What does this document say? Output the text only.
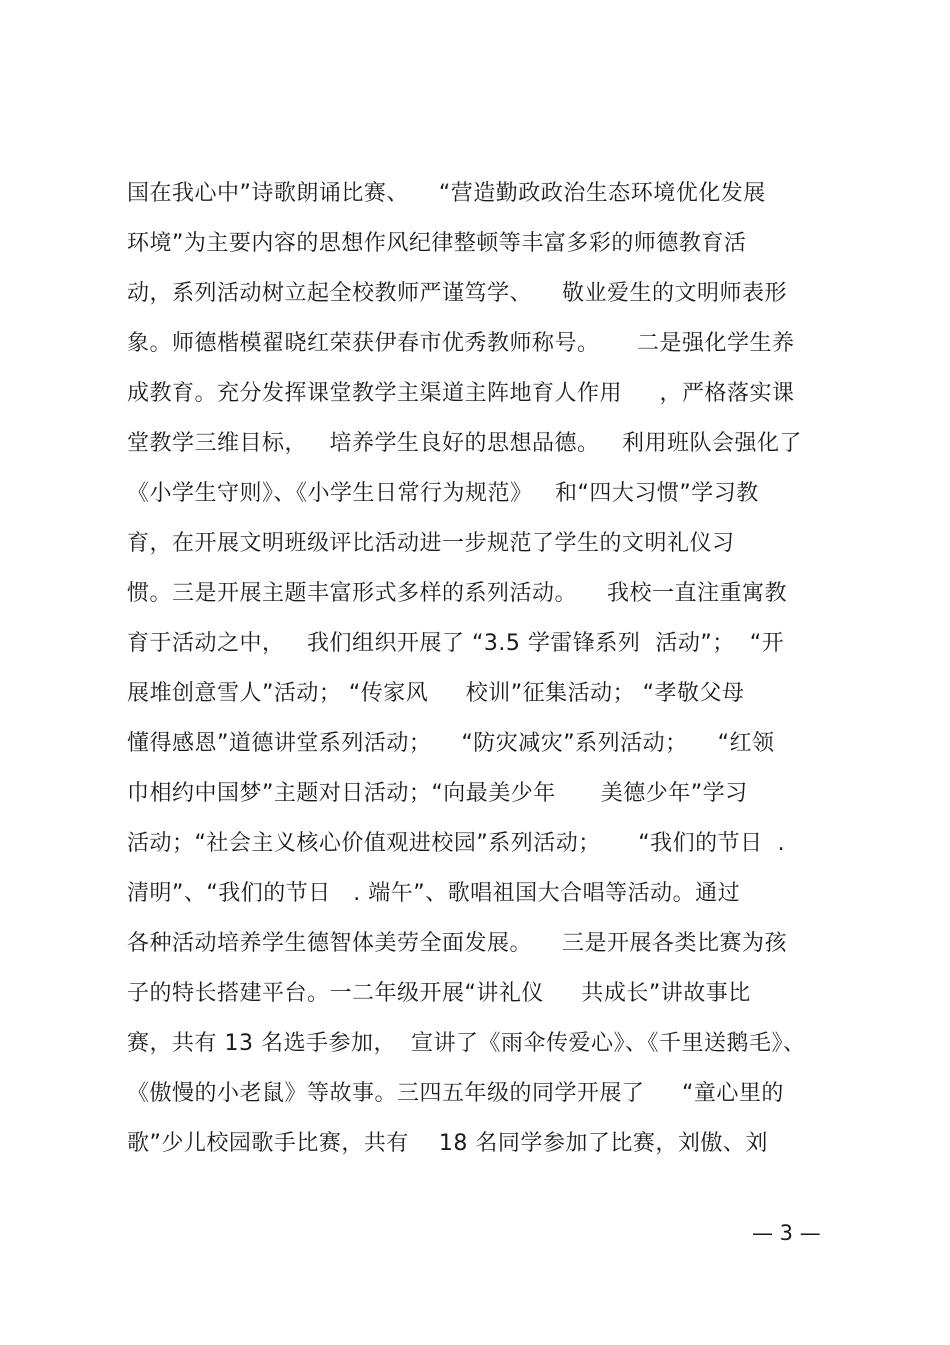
国在我心中”诗歌朗诵比赛、    “营造勤政政治生态环境优化发展
环境”为主要内容的思想作风纪律整顿等丰富多彩的师德教育活
动，系列活动树立起全校教师严谨笃学、    敬业爱生的文明师表形
象。师德楷模翟晓红荣获伊春市优秀教师称号。     二是强化学生养
成教育。充分发挥课堂教学主渠道主阵地育人作用     ，严格落实课
堂教学三维目标，   培养学生良好的思想品德。   利用班队会强化了
《小学生守则》、《小学生日常行为规范》   和“四大习惯”学习教
育，在开展文明班级评比活动进一步规范了学生的文明礼仪习
惯。三是开展主题丰富形式多样的系列活动。    我校一直注重寓教
育于活动之中，   我们组织开展了 “3.5 学雷锋系列  活动”；  “开
展堆创意雪人”活动； “传家风     校训”征集活动； “孝敬父母
懂得感恩”道德讲堂系列活动；    “防灾减灾”系列活动；    “红领
巾相约中国梦”主题对日活动；“向最美少年      美德少年”学习
活动；“社会主义核心价值观进校园”系列活动；     “我们的节日  .
清明”、“我们的节日   . 端午”、歌唱祖国大合唱等活动。通过
各种活动培养学生德智体美劳全面发展。    三是开展各类比赛为孩
子的特长搭建平台。一二年级开展“讲礼仪     共成长”讲故事比
赛，共有 13 名选手参加，  宣讲了《雨伞传爱心》、《千里送鹅毛》、
《傲慢的小老鼠》等故事。三四五年级的同学开展了     “童心里的
歌”少儿校园歌手比赛，共有    18 名同学参加了比赛，刘傲、刘
— 3 —
